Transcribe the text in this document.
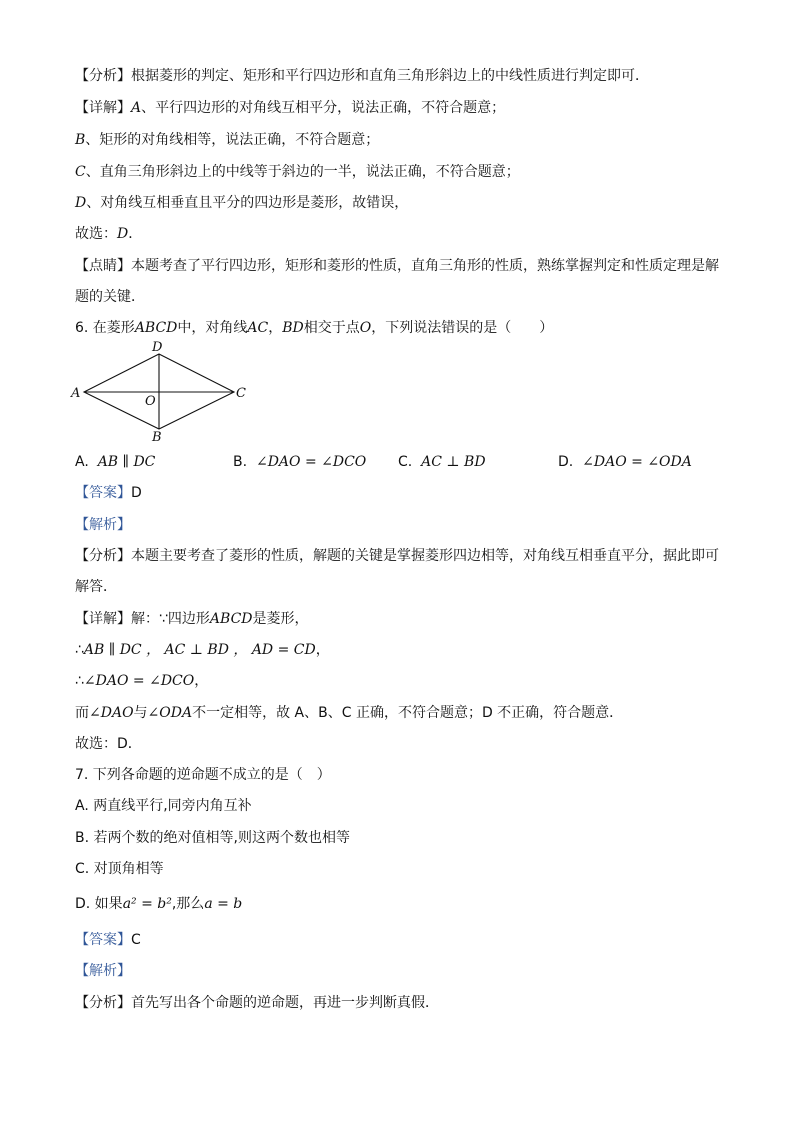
【分析】根据菱形的判定、矩形和平行四边形和直角三角形斜边上的中线性质进行判定即可．
【详解】A、平行四边形的对角线互相平分，说法正确，不符合题意；
B、矩形的对角线相等，说法正确，不符合题意；
C、直角三角形斜边上的中线等于斜边的一半，说法正确，不符合题意；
D、对角线互相垂直且平分的四边形是菱形，故错误，
故选：D．
【点睛】本题考查了平行四边形，矩形和菱形的性质，直角三角形的性质，熟练掌握判定和性质定理是解
题的关键．
6. 在菱形ABCD中，对角线AC，BD相交于点O，下列说法错误的是（　　）
D
A	C
B
O
A. AB ∥ DC	B. ∠DAO = ∠DCO C. AC ⊥ BD	D. ∠DAO = ∠ODA
【答案】D
【解析】
【分析】本题主要考查了菱形的性质，解题的关键是掌握菱形四边相等，对角线互相垂直平分，据此即可
解答．
【详解】解：∵四边形ABCD是菱形，
∴AB ∥ DC ， AC ⊥ BD ， AD = CD，
∴∠DAO = ∠DCO，
而∠DAO与∠ODA不一定相等，故 A、B、C 正确，不符合题意；D 不正确，符合题意．
故选：D．
7. 下列各命题的逆命题不成立的是（　）
A. 两直线平行,同旁内角互补
B. 若两个数的绝对值相等,则这两个数也相等
C. 对顶角相等
D. 如果a² = b²,那么a = b
【答案】C
【解析】
【分析】首先写出各个命题的逆命题，再进一步判断真假．
